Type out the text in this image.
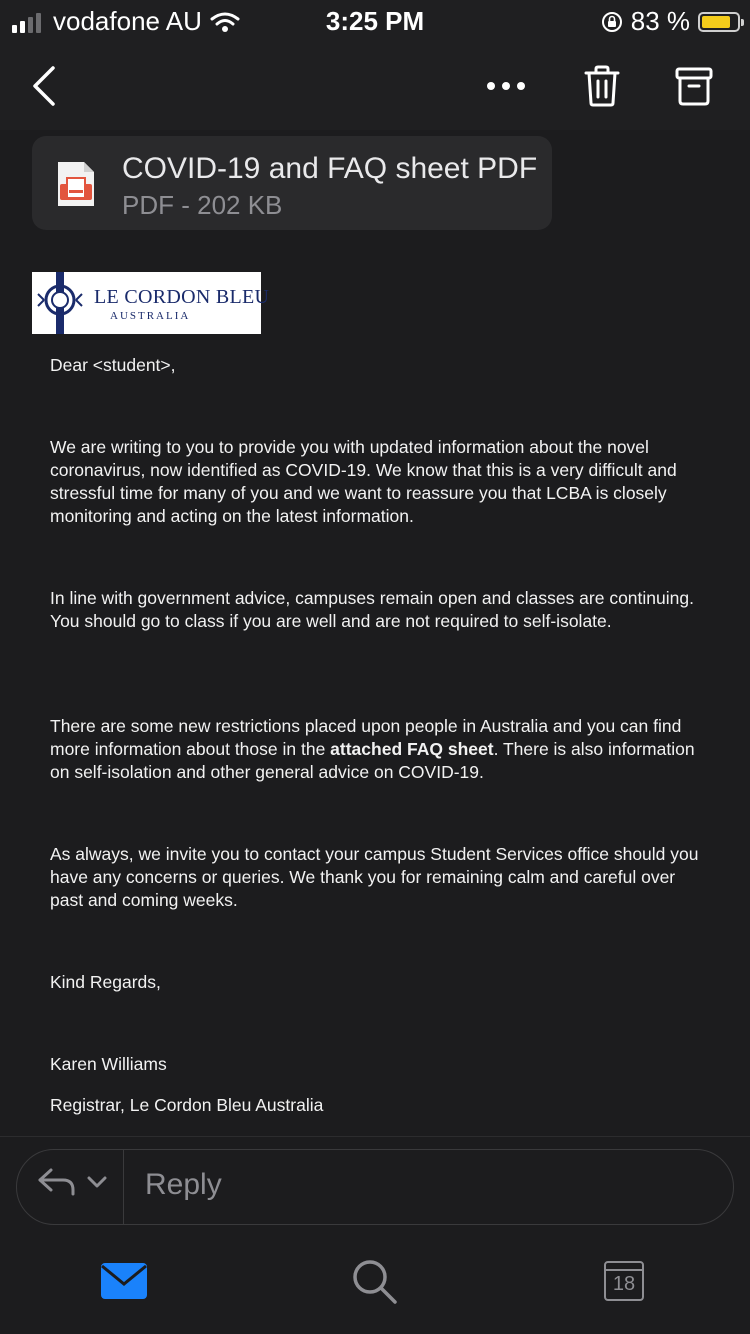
vodafone AU	3:25 PM	83 %
COVID-19 and FAQ sheet PDF
PDF - 202 KB
LE CORDON BLEU
AUSTRALIA
Dear <student>,
We are writing to you to provide you with updated information about the novel coronavirus, now identified as COVID-19. We know that this is a very difficult and stressful time for many of you and we want to reassure you that LCBA is closely monitoring and acting on the latest information.
In line with government advice, campuses remain open and classes are continuing. You should go to class if you are well and are not required to self-isolate.
There are some new restrictions placed upon people in Australia and you can find more information about those in the attached FAQ sheet. There is also information on self-isolation and other general advice on COVID-19.
As always, we invite you to contact your campus Student Services office should you have any concerns or queries. We thank you for remaining calm and careful over past and coming weeks.
Kind Regards,
Karen Williams
Registrar, Le Cordon Bleu Australia
Reply
18
